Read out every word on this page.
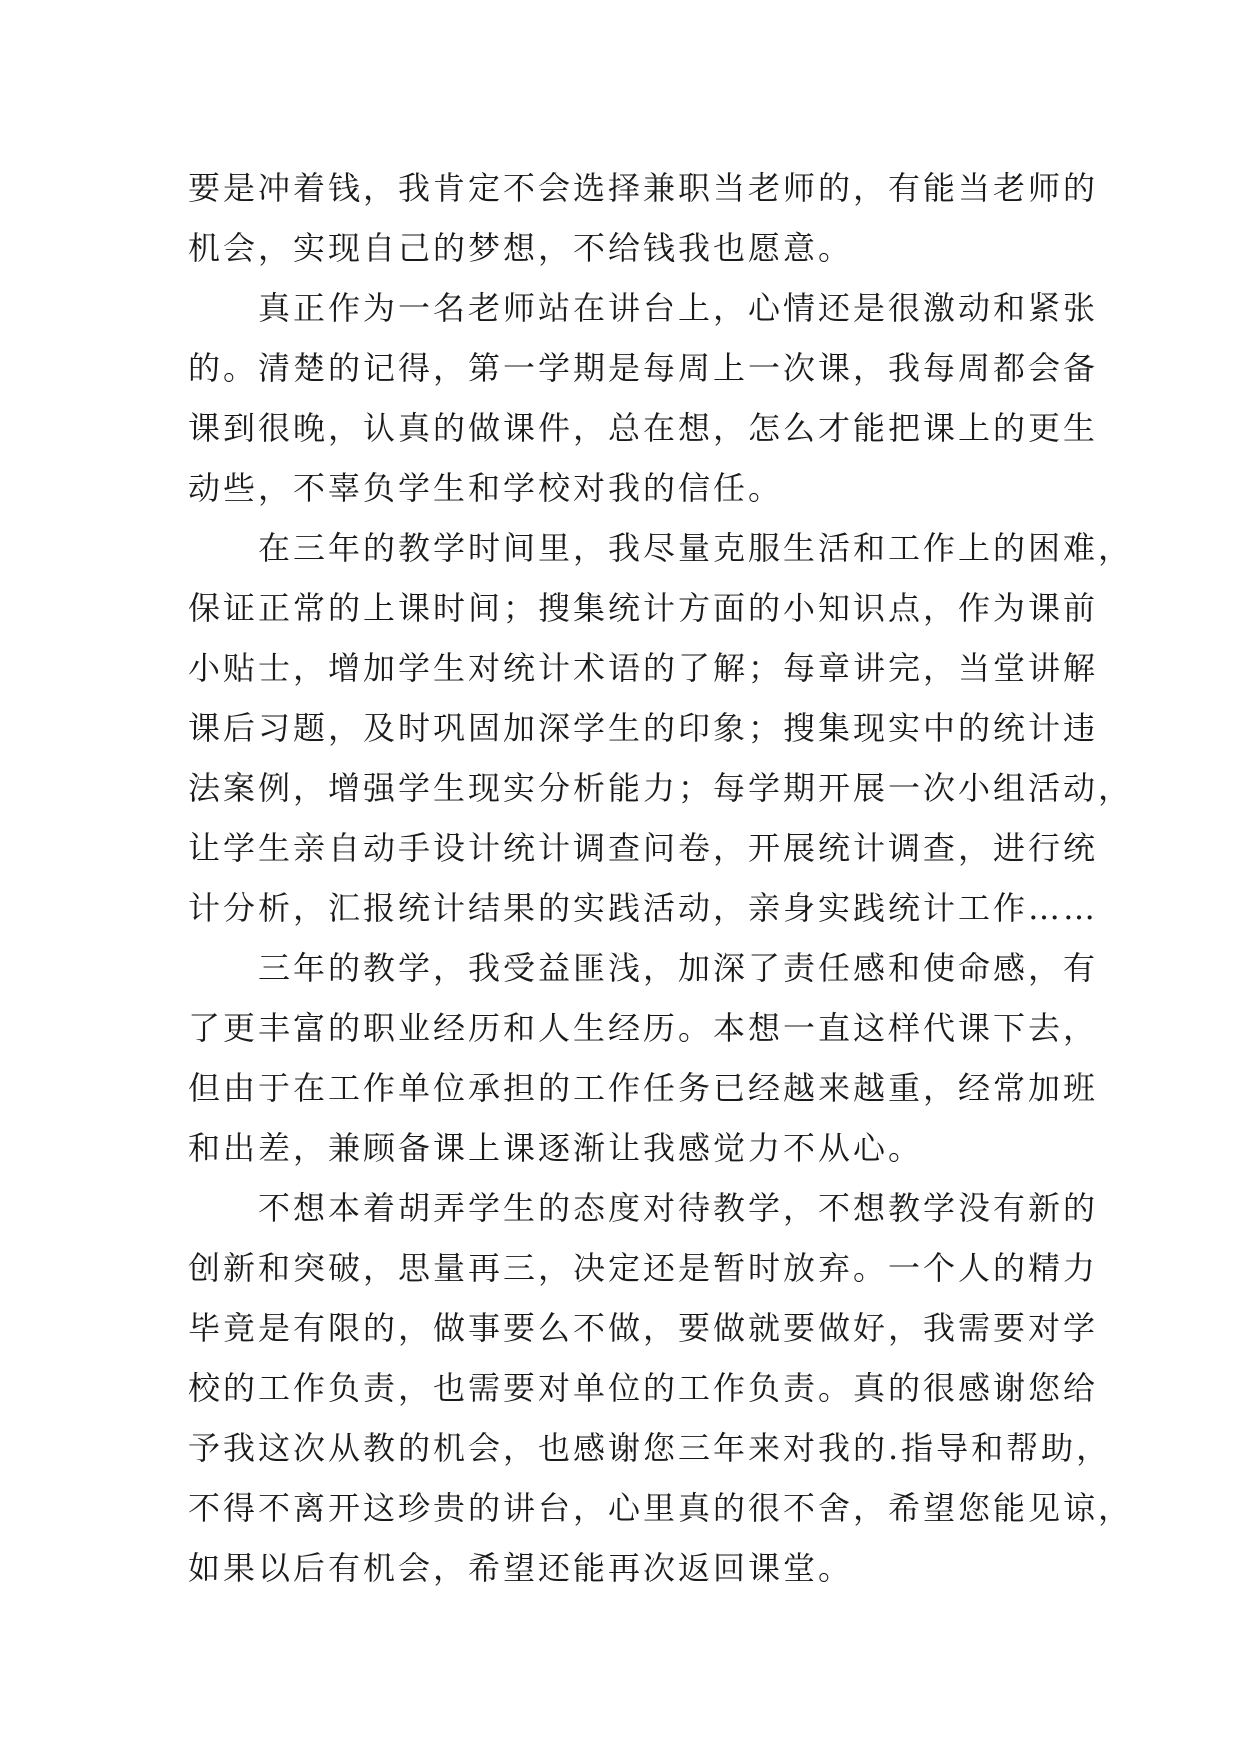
要是冲着钱，我肯定不会选择兼职当老师的，有能当老师的
机会，实现自己的梦想，不给钱我也愿意。
真正作为一名老师站在讲台上，心情还是很激动和紧张
的。清楚的记得，第一学期是每周上一次课，我每周都会备
课到很晚，认真的做课件，总在想，怎么才能把课上的更生
动些，不辜负学生和学校对我的信任。
在三年的教学时间里，我尽量克服生活和工作上的困难，
保证正常的上课时间；搜集统计方面的小知识点，作为课前
小贴士，增加学生对统计术语的了解；每章讲完，当堂讲解
课后习题，及时巩固加深学生的印象；搜集现实中的统计违
法案例，增强学生现实分析能力；每学期开展一次小组活动，
让学生亲自动手设计统计调查问卷，开展统计调查，进行统
计分析，汇报统计结果的实践活动，亲身实践统计工作……
三年的教学，我受益匪浅，加深了责任感和使命感，有
了更丰富的职业经历和人生经历。本想一直这样代课下去，
但由于在工作单位承担的工作任务已经越来越重，经常加班
和出差，兼顾备课上课逐渐让我感觉力不从心。
不想本着胡弄学生的态度对待教学，不想教学没有新的
创新和突破，思量再三，决定还是暂时放弃。一个人的精力
毕竟是有限的，做事要么不做，要做就要做好，我需要对学
校的工作负责，也需要对单位的工作负责。真的很感谢您给
予我这次从教的机会，也感谢您三年来对我的.指导和帮助，
不得不离开这珍贵的讲台，心里真的很不舍，希望您能见谅，
如果以后有机会，希望还能再次返回课堂。
